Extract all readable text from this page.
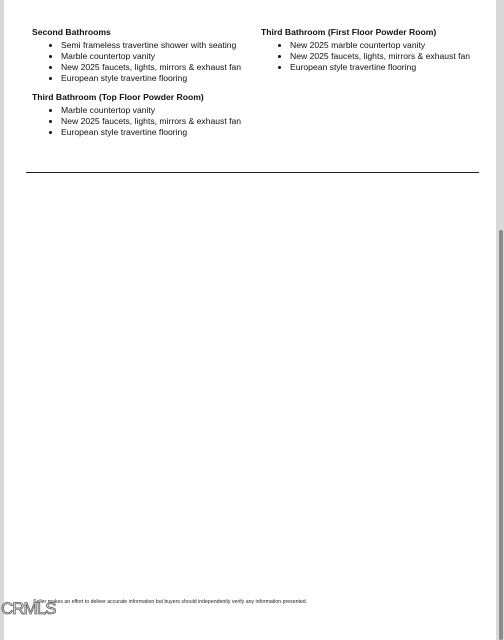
Second Bathrooms
Semi frameless travertine shower with seating
Marble countertop vanity
New 2025 faucets, lights, mirrors & exhaust fan
European style travertine flooring
Third Bathroom (First Floor Powder Room)
New 2025 marble countertop vanity
New 2025 faucets, lights, mirrors & exhaust fan
European style travertine flooring
Third Bathroom (Top Floor Powder Room)
Marble countertop vanity
New 2025 faucets, lights, mirrors & exhaust fan
European style travertine flooring
Seller makes an effort to deliver accurate information but buyers should independently verify any information presented.
CRMLS
